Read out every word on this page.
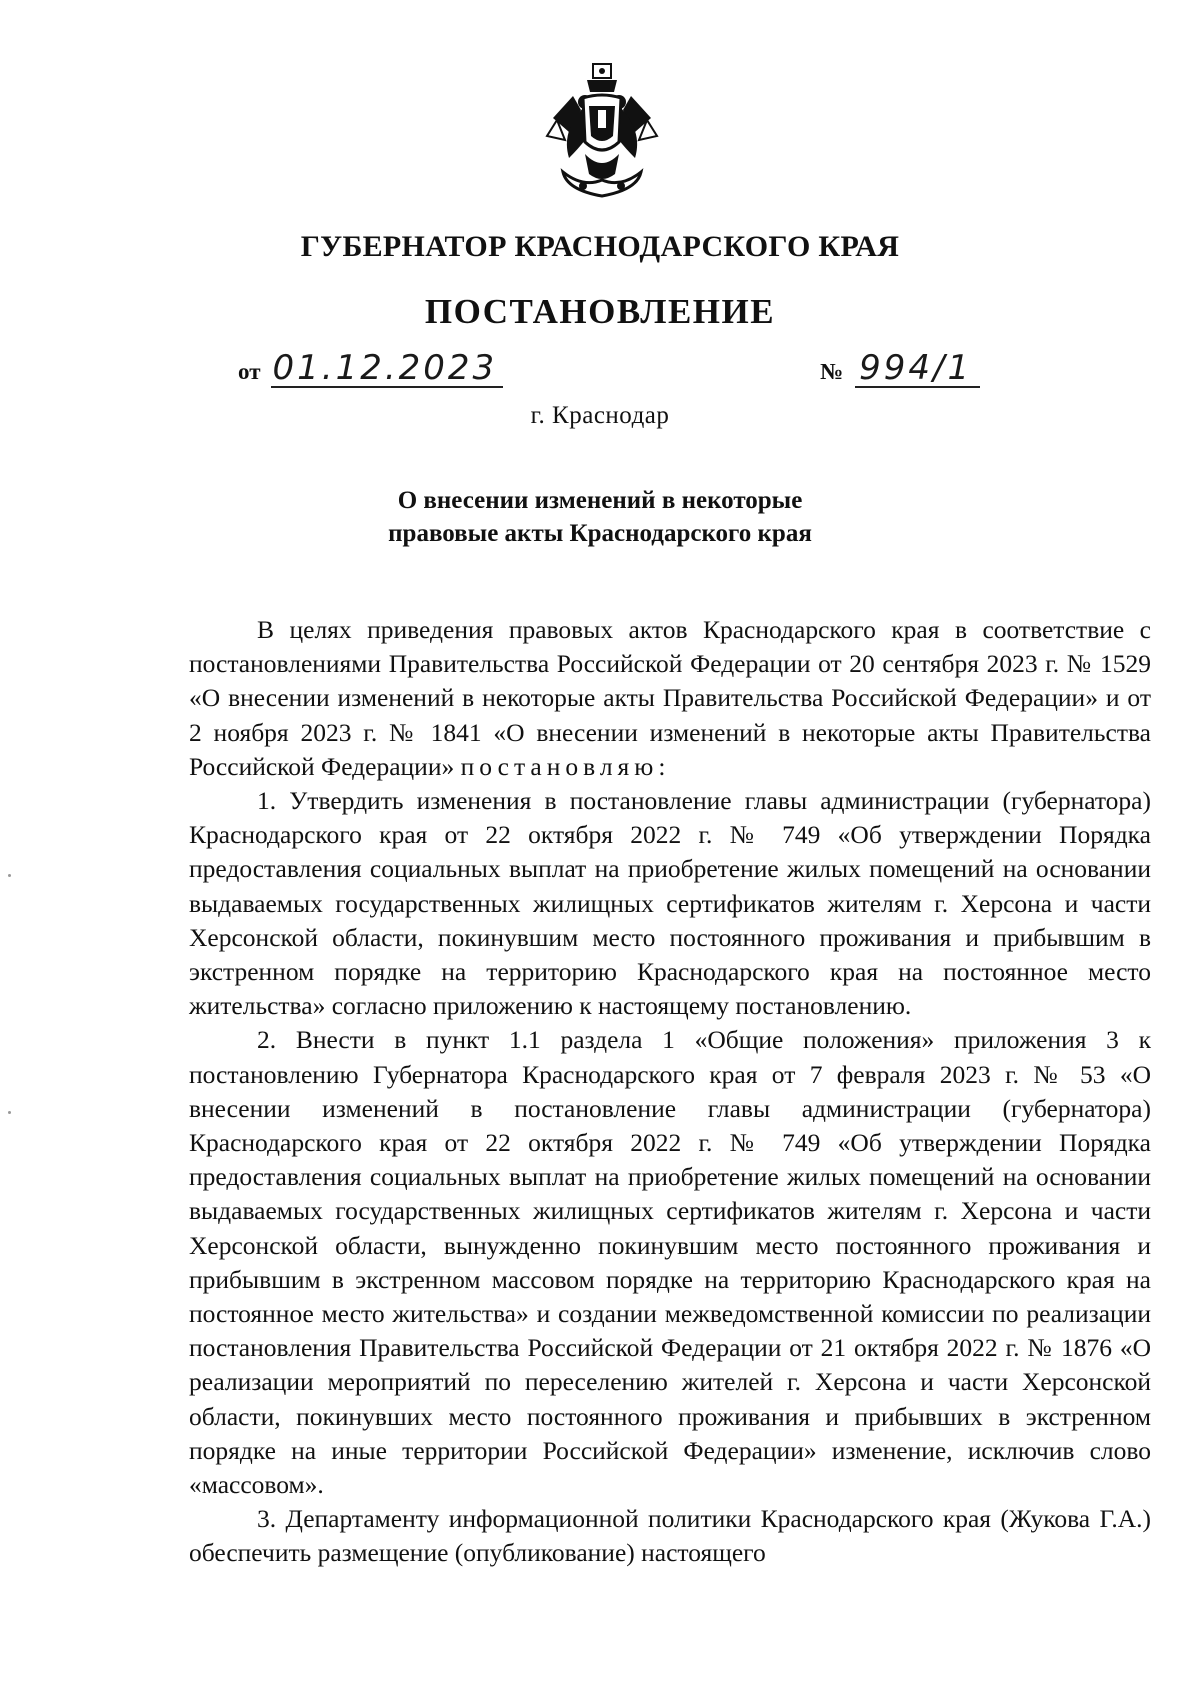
ГУБЕРНАТОР КРАСНОДАРСКОГО КРАЯ
ПОСТАНОВЛЕНИЕ
от 01.12.2023	№ 994/1
г. Краснодар
О внесении изменений в некоторые
правовые акты Краснодарского края

В целях приведения правовых актов Краснодарского края в соответствие с постановлениями Правительства Российской Федерации от 20 сентября 2023 г. № 1529 «О внесении изменений в некоторые акты Правительства Российской Федерации» и от 2 ноября 2023 г. № 1841 «О внесении изменений в некоторые акты Правительства Российской Федерации» постановляю:

1. Утвердить изменения в постановление главы администрации (губернатора) Краснодарского края от 22 октября 2022 г. № 749 «Об утверждении Порядка предоставления социальных выплат на приобретение жилых помещений на основании выдаваемых государственных жилищных сертификатов жителям г. Херсона и части Херсонской области, покинувшим место постоянного проживания и прибывшим в экстренном порядке на территорию Краснодарского края на постоянное место жительства» согласно приложению к настоящему постановлению.

2. Внести в пункт 1.1 раздела 1 «Общие положения» приложения 3 к постановлению Губернатора Краснодарского края от 7 февраля 2023 г. № 53 «О внесении изменений в постановление главы администрации (губернатора) Краснодарского края от 22 октября 2022 г. № 749 «Об утверждении Порядка предоставления социальных выплат на приобретение жилых помещений на основании выдаваемых государственных жилищных сертификатов жителям г. Херсона и части Херсонской области, вынужденно покинувшим место постоянного проживания и прибывшим в экстренном массовом порядке на территорию Краснодарского края на постоянное место жительства» и создании межведомственной комиссии по реализации постановления Правительства Российской Федерации от 21 октября 2022 г. № 1876 «О реализации мероприятий по переселению жителей г. Херсона и части Херсонской области, покинувших место постоянного проживания и прибывших в экстренном порядке на иные территории Российской Федерации» изменение, исключив слово «массовом».

3. Департаменту информационной политики Краснодарского края (Жукова Г.А.) обеспечить размещение (опубликование) настоящего
